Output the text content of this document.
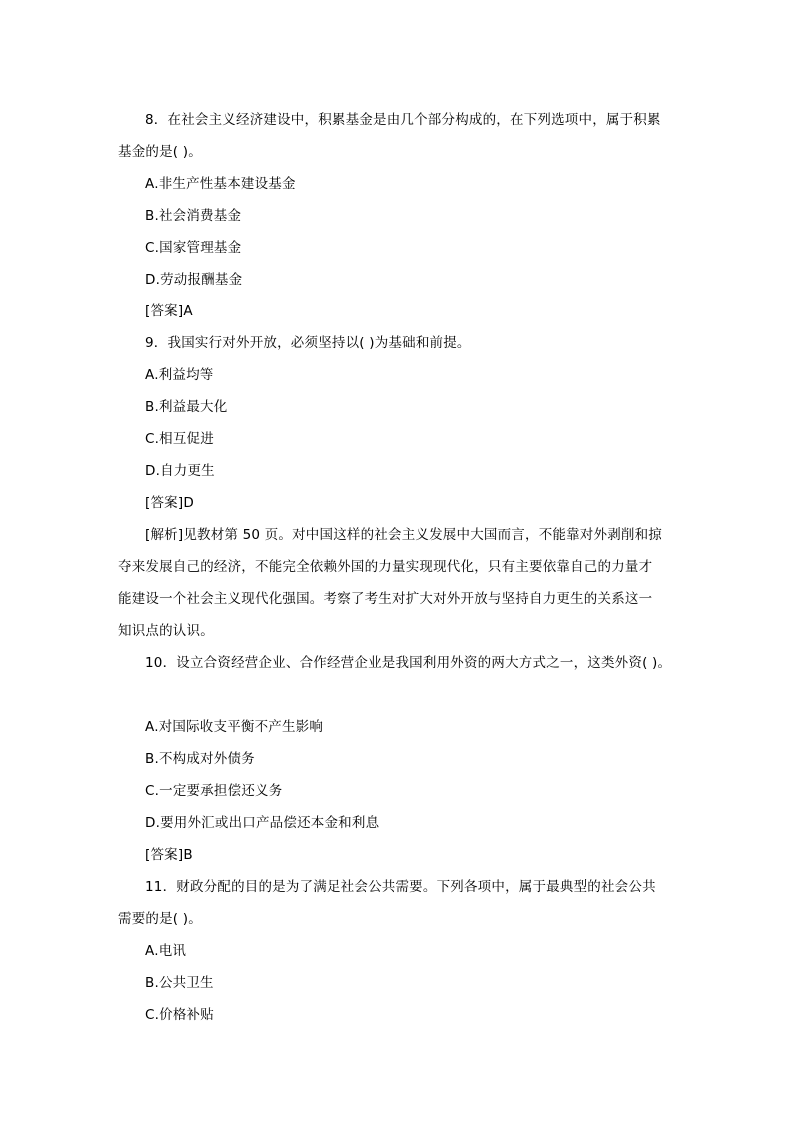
8．在社会主义经济建设中，积累基金是由几个部分构成的，在下列选项中，属于积累
基金的是( )。
A.非生产性基本建设基金
B.社会消费基金
C.国家管理基金
D.劳动报酬基金
[答案]A
9．我国实行对外开放，必须坚持以( )为基础和前提。
A.利益均等
B.利益最大化
C.相互促进
D.自力更生
[答案]D
[解析]见教材第 50 页。对中国这样的社会主义发展中大国而言，不能靠对外剥削和掠
夺来发展自己的经济，不能完全依赖外国的力量实现现代化，只有主要依靠自己的力量才
能建设一个社会主义现代化强国。考察了考生对扩大对外开放与坚持自力更生的关系这一
知识点的认识。
10．设立合资经营企业、合作经营企业是我国利用外资的两大方式之一，这类外资( )。
A.对国际收支平衡不产生影响
B.不构成对外债务
C.一定要承担偿还义务
D.要用外汇或出口产品偿还本金和利息
[答案]B
11．财政分配的目的是为了满足社会公共需要。下列各项中，属于最典型的社会公共
需要的是( )。
A.电讯
B.公共卫生
C.价格补贴
